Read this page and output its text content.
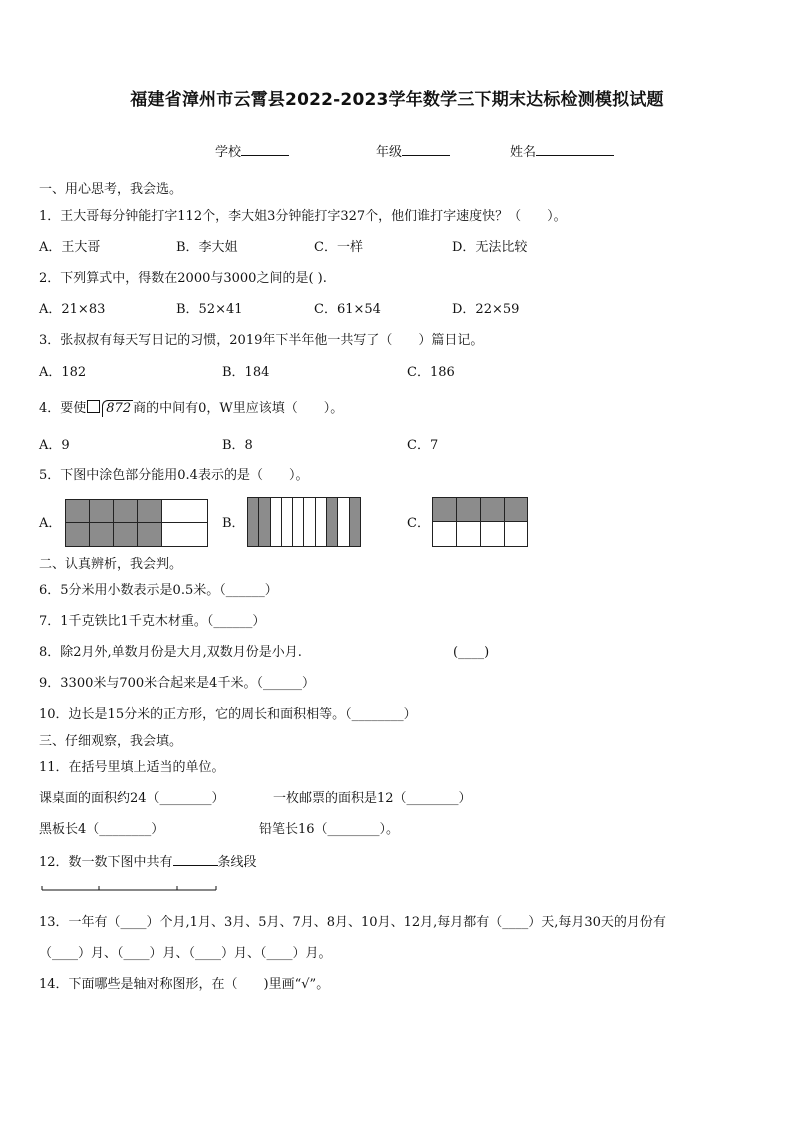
福建省漳州市云霄县2022-2023学年数学三下期末达标检测模拟试题
学校	年级	姓名
一、用心思考，我会选。
1．王大哥每分钟能打字112个，李大姐3分钟能打字327个，他们谁打字速度快？（　　）。
A．王大哥	B．李大姐	C．一样	D．无法比较
2．下列算式中，得数在2000与3000之间的是( ).
A．21×83	B．52×41	C．61×54	D．22×59
3．张叔叔有每天写日记的习惯，2019年下半年他一共写了（　　）篇日记。
A．182	B．184	C．186
4．要使 872 商的中间有0，W里应该填（　　）。
A．9	B．8	C．7
5．下图中涂色部分能用0.4表示的是（　　）。
A．	B．	C．
二、认真辨析，我会判。
6．5分米用小数表示是0.5米。（______）
7．1千克铁比1千克木材重。（______）
8．除2月外,单数月份是大月,双数月份是小月.	(____)
9．3300米与700米合起来是4千米。（______）
10．边长是15分米的正方形，它的周长和面积相等。（________）
三、仔细观察，我会填。
11．在括号里填上适当的单位。
课桌面的面积约24（________）	一枚邮票的面积是12（________）
黑板长4（________）	铅笔长16（________）。
12．数一数下图中共有	条线段
13．一年有（____）个月,1月、3月、5月、7月、8月、10月、12月,每月都有（____）天,每月30天的月份有
（____）月、（____）月、（____）月、（____）月。
14．下面哪些是轴对称图形，在（　　)里画“√”。
